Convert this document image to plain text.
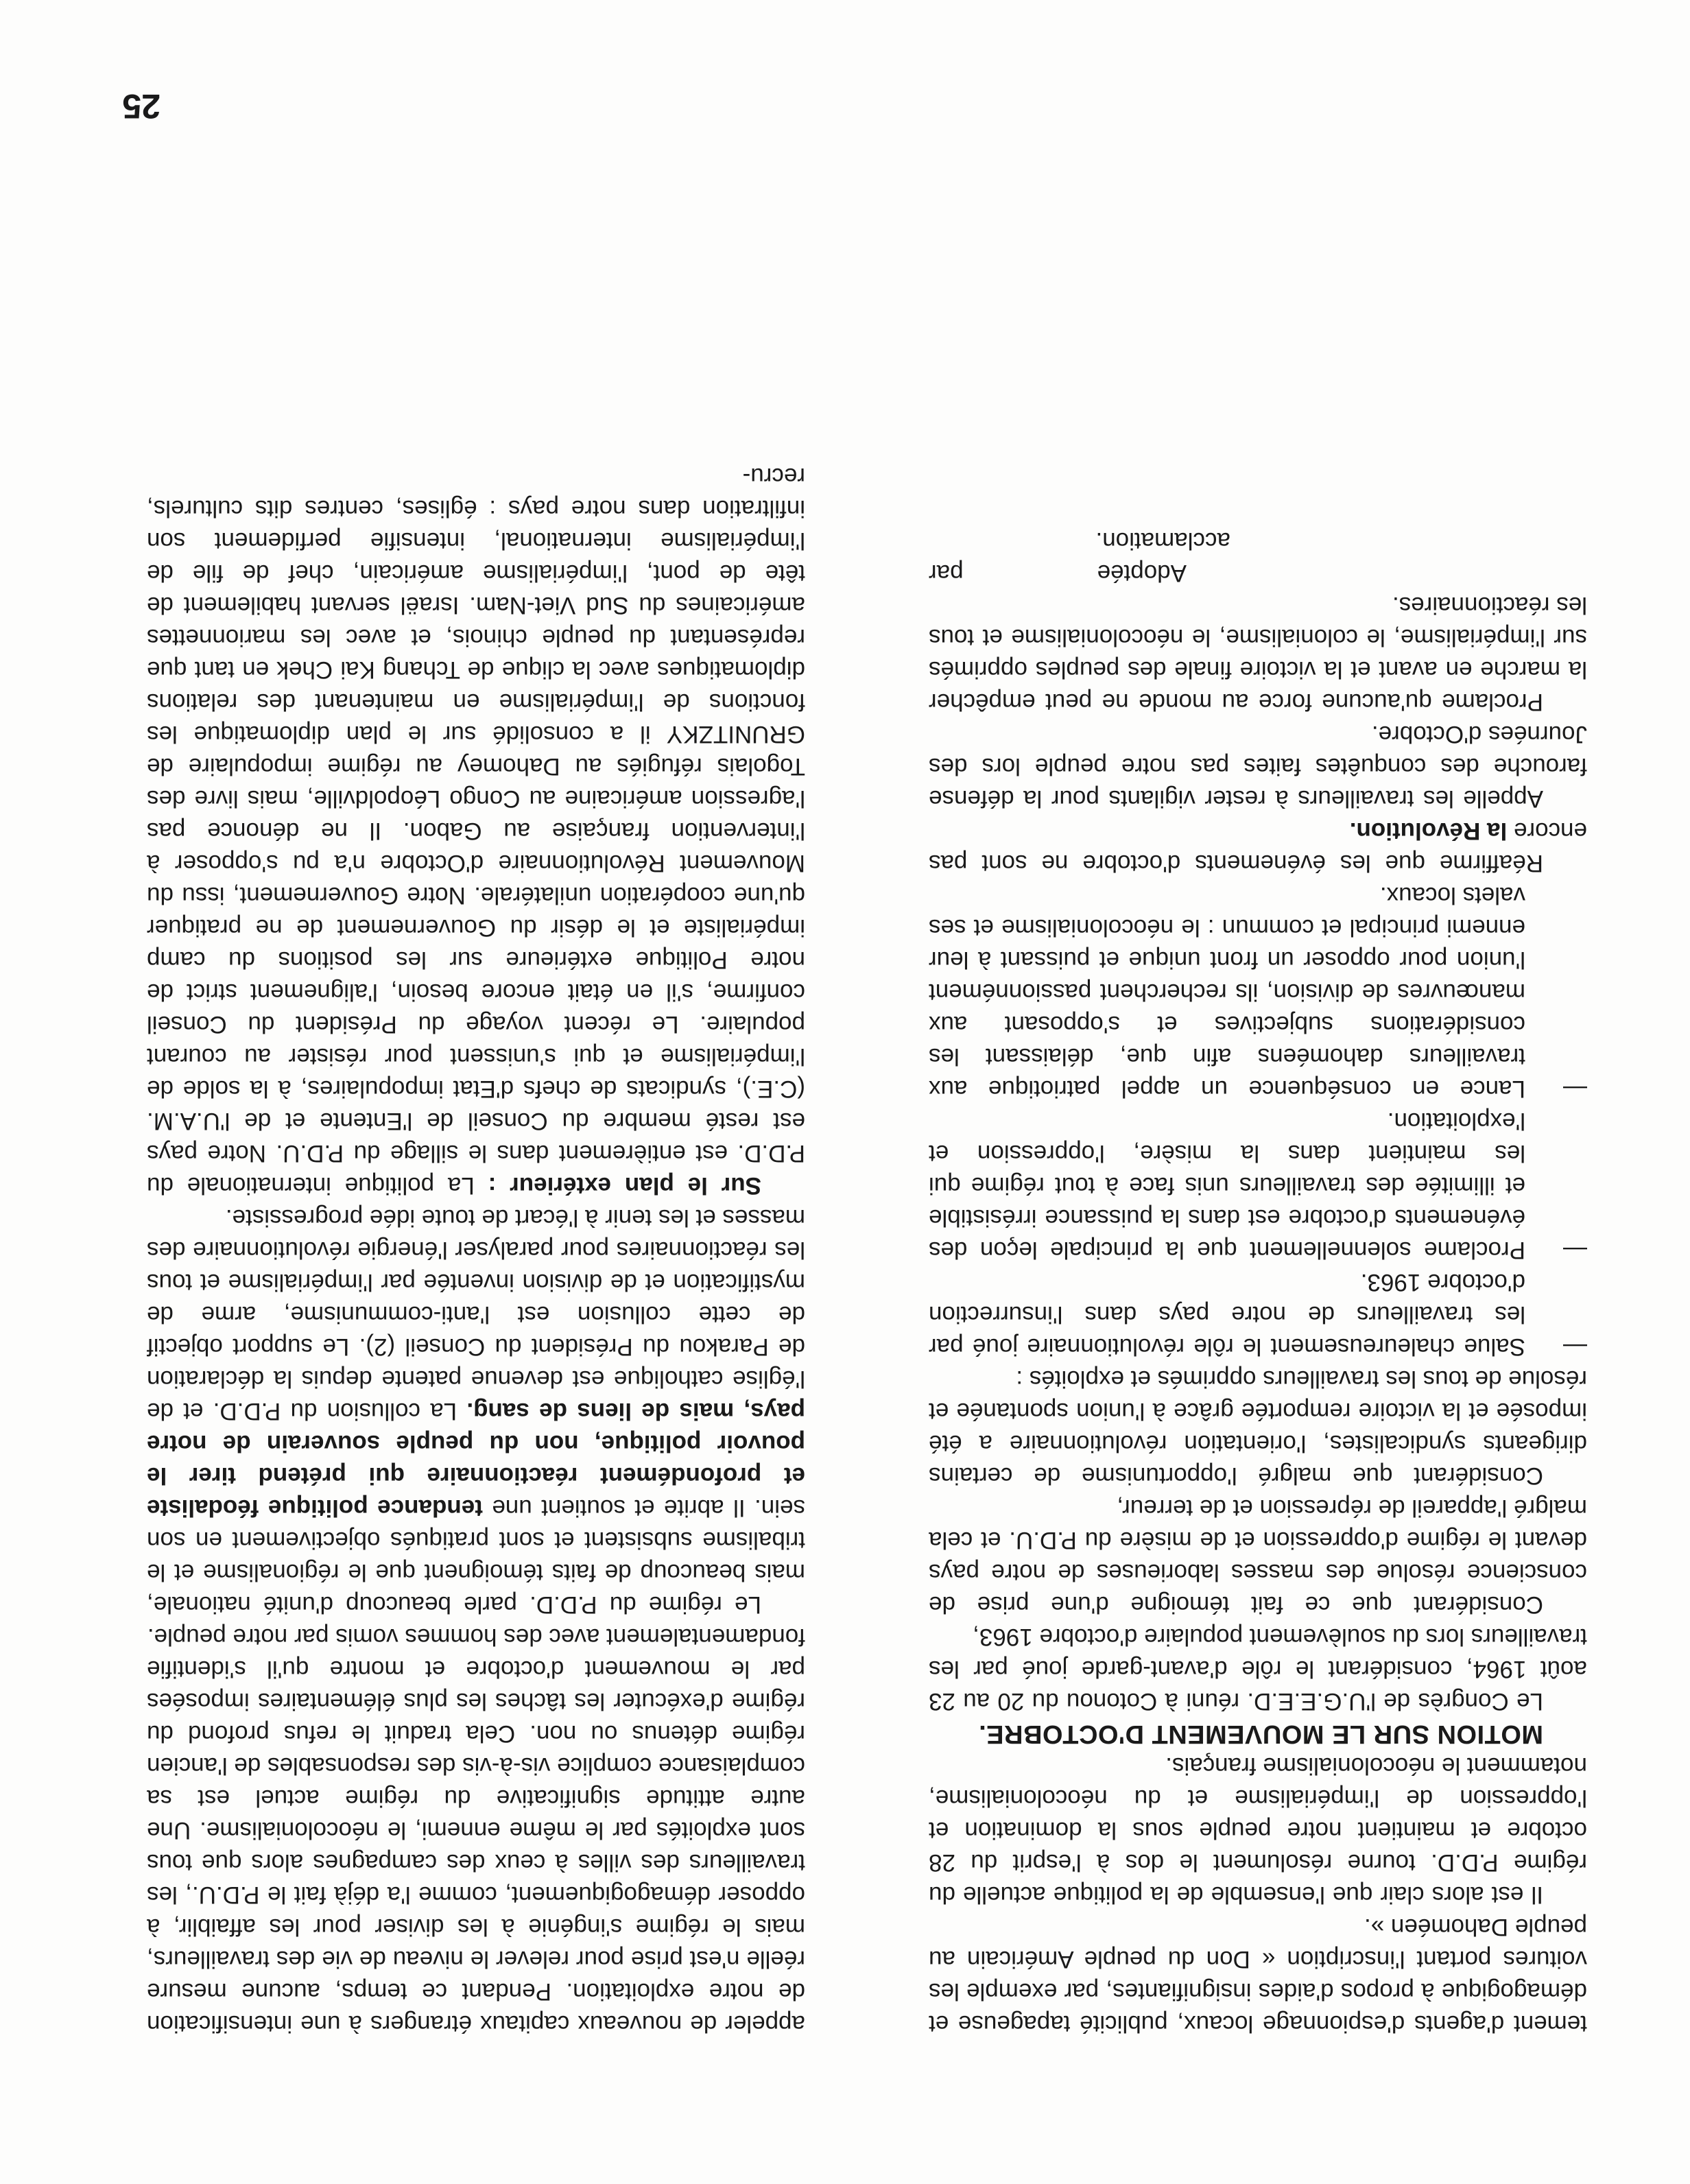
tement d'agents d'espionnage locaux, publicité tapageuse et démagogique à propos d'aides insignifiantes, par exemple les voitures portant l'inscription « Don du peuple Américain au peuple Dahoméen ».

Il est alors clair que l'ensemble de la politique actuelle du régime P.D.D. tourne résolument le dos à l'esprit du 28 octobre et maintient notre peuple sous la domination et l'oppression de l'impérialisme et du néocolonialisme, notamment le néocolonialisme français.

MOTION SUR LE MOUVEMENT D'OCTOBRE.

Le Congrès de l'U.G.E.E.D. réuni à Cotonou du 20 au 23 août 1964, considérant le rôle d'avant-garde joué par les travailleurs lors du soulèvement populaire d'octobre 1963,

Considérant que ce fait témoigne d'une prise de conscience résolue des masses laborieuses de notre pays devant le régime d'oppression et de misère du P.D.U. et cela malgré l'appareil de répression et de terreur,

Considérant que malgré l'opportunisme de certains dirigeants syndicalistes, l'orientation révolutionnaire a été imposée et la victoire remportée grâce à l'union spontanée et résolue de tous les travailleurs opprimés et exploités :

—
Salue chaleureusement le rôle révolutionnaire joué par les travailleurs de notre pays dans l'insurrection d'octobre 1963.
—
Proclame solennellement que la principale leçon des événements d'octobre est dans la puissance irrésistible et illimitée des travailleurs unis face à tout régime qui les maintient dans la misère, l'oppression et l'exploitation.
—
Lance en conséquence un appel patriotique aux travailleurs dahoméens afin que, délaissant les considérations subjectives et s'opposant aux manœuvres de division, ils recherchent passionnément l'union pour opposer un front unique et puissant à leur ennemi principal et commun : le néocolonialisme et ses valets locaux.

Réaffirme que les événements d'octobre ne sont pas encore la Révolution.

Appelle les travailleurs à rester vigilants pour la défense farouche des conquêtes faites pas notre peuple lors des Journées d'Octobre.

Proclame qu'aucune force au monde ne peut empêcher la marche en avant et la victoire finale des peuples opprimés sur l'impérialisme, le colonialisme, le néocolonialisme et tous les réactionnaires.

Adoptée par acclamation.

appeler de nouveaux capitaux étrangers à une intensification de notre exploitation. Pendant ce temps, aucune mesure réelle n'est prise pour relever le niveau de vie des travailleurs, mais le régime s'ingénie à les diviser pour les affaiblir, à opposer démagogiquement, comme l'a déjà fait le P.D.U., les travailleurs des villes à ceux des campagnes alors que tous sont exploités par le même ennemi, le néocolonialisme. Une autre attitude significative du régime actuel est sa complaisance complice vis-à-vis des responsables de l'ancien régime détenus ou non. Cela traduit le refus profond du régime d'exécuter les tâches les plus élémentaires imposées par le mouvement d'octobre et montre qu'il s'identifie fondamentalement avec des hommes vomis par notre peuple.

Le régime du P.D.D. parle beaucoup d'unité nationale, mais beaucoup de faits témoignent que le régionalisme et le tribalisme subsistent et sont pratiqués objectivement en son sein. Il abrite et soutient une tendance politique féodaliste et profondément réactionnaire qui prétend tirer le pouvoir politique, non du peuple souverain de notre pays, mais de liens de sang. La collusion du P.D.D. et de l'église catholique est devenue patente depuis la déclaration de Parakou du Président du Conseil (2). Le support objectif de cette collusion est l'anti-communisme, arme de mystification et de division inventée par l'impérialisme et tous les réactionnaires pour paralyser l'énergie révolutionnaire des masses et les tenir à l'écart de toute idée progressiste.

Sur le plan extérieur : La politique internationale du P.D.D. est entièrement dans le sillage du P.D.U. Notre pays est resté membre du Conseil de l'Entente et de l'U.A.M.(C.E.), syndicats de chefs d'Etat impopulaires, à la solde de l'impérialisme et qui s'unissent pour résister au courant populaire. Le récent voyage du Président du Conseil confirme, s'il en était encore besoin, l'alignement strict de notre Politique extérieure sur les positions du camp impérialiste et le désir du Gouvernement de ne pratiquer qu'une coopération unilatérale. Notre Gouvernement, issu du Mouvement Révolutionnaire d'Octobre n'a pu s'opposer à l'intervention française au Gabon. Il ne dénonce pas l'agression américaine au Congo Léopoldville, mais livre des Togolais réfugiés au Dahomey au régime impopulaire de GRUNITZKY il a consolidé sur le plan diplomatique les fonctions de l'impérialisme en maintenant des relations diplomatiques avec la clique de Tchang Kai Chek en tant que représentant du peuple chinois, et avec les marionnettes américaines du Sud Viet-Nam. Israël servant habilement de tête de pont, l'impérialisme américain, chef de file de l'impérialisme international, intensifie perfidement son infiltration dans notre pays : églises, centres dits culturels, recru-

25
